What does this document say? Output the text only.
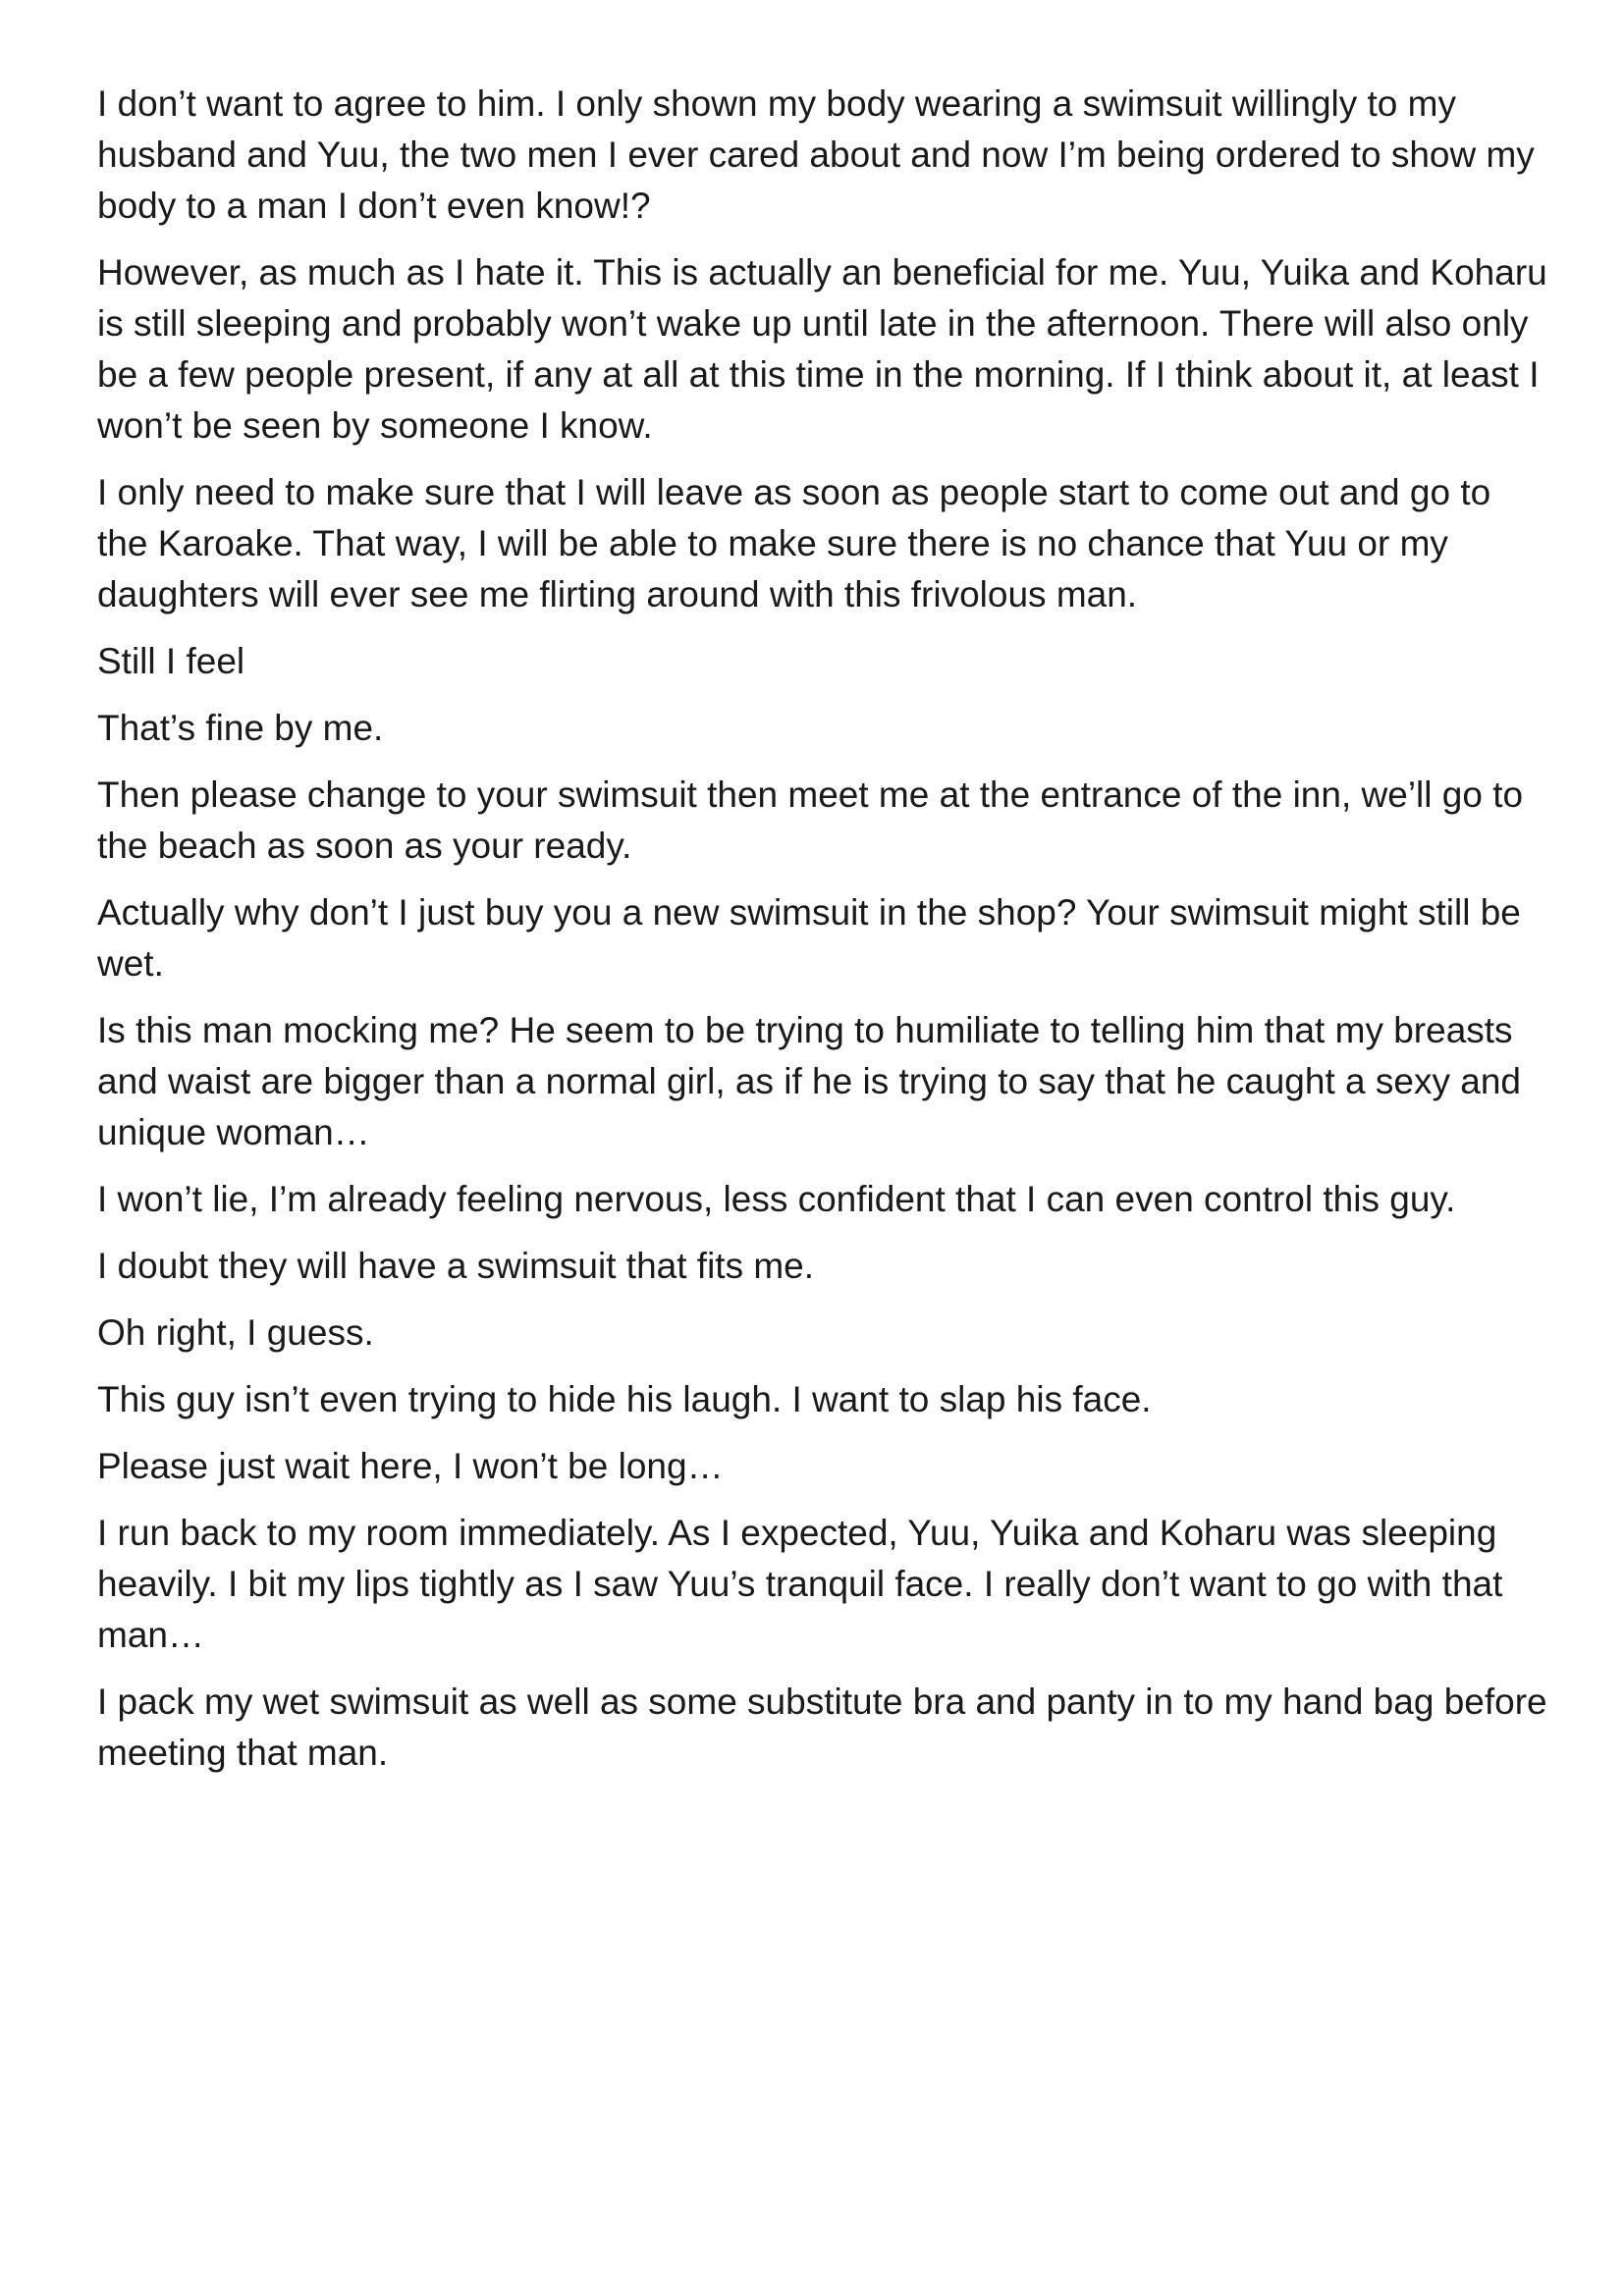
I don’t want to agree to him. I only shown my body wearing a swimsuit willingly to my husband and Yuu, the two men I ever cared about and now I’m being ordered to show my body to a man I don’t even know!?

However, as much as I hate it. This is actually an beneficial for me. Yuu, Yuika and Koharu is still sleeping and probably won’t wake up until late in the afternoon. There will also only be a few people present, if any at all at this time in the morning. If I think about it, at least I won’t be seen by someone I know.

I only need to make sure that I will leave as soon as people start to come out and go to the Karoake. That way, I will be able to make sure there is no chance that Yuu or my daughters will ever see me flirting around with this frivolous man.

Still I feel

That’s fine by me.

Then please change to your swimsuit then meet me at the entrance of the inn, we’ll go to the beach as soon as your ready.

Actually why don’t I just buy you a new swimsuit in the shop? Your swimsuit might still be wet.

Is this man mocking me? He seem to be trying to humiliate to telling him that my breasts and waist are bigger than a normal girl, as if he is trying to say that he caught a sexy and unique woman…

I won’t lie, I’m already feeling nervous, less confident that I can even control this guy.

I doubt they will have a swimsuit that fits me.

Oh right, I guess.

This guy isn’t even trying to hide his laugh. I want to slap his face.

Please just wait here, I won’t be long…

I run back to my room immediately. As I expected, Yuu, Yuika and Koharu was sleeping heavily. I bit my lips tightly as I saw Yuu’s tranquil face. I really don’t want to go with that man…

I pack my wet swimsuit as well as some substitute bra and panty in to my hand bag before meeting that man.
